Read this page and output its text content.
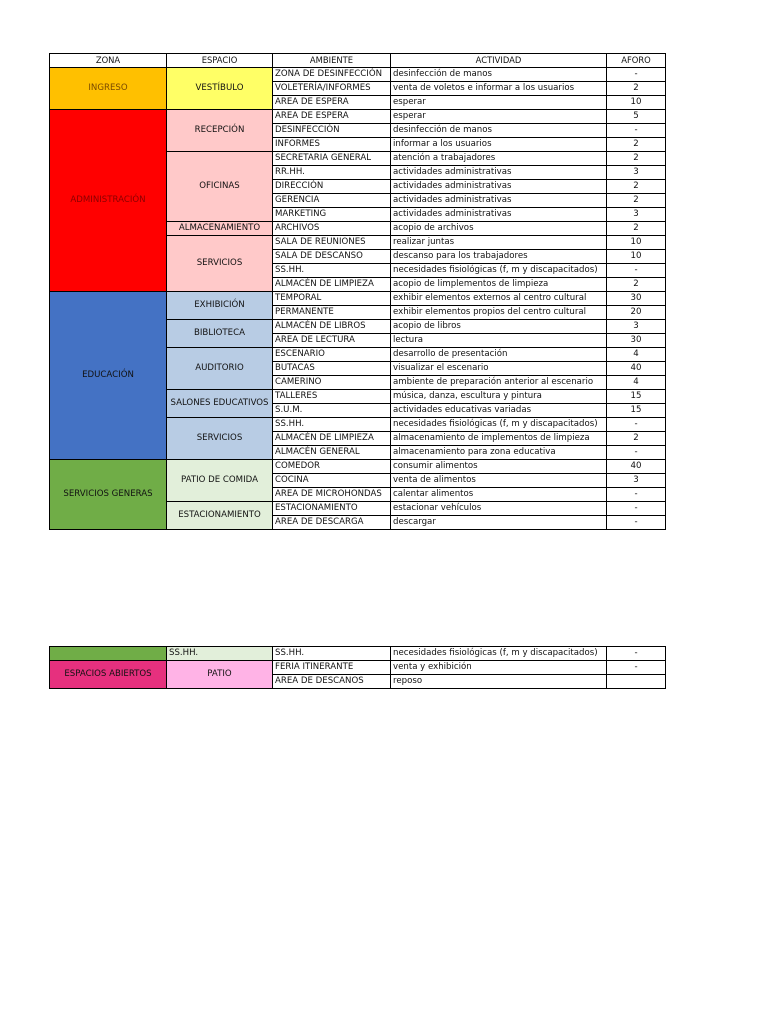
ZONA	ESPACIO	AMBIENTE	ACTIVIDAD	AFORO
INGRESO	VESTÍBULO	ZONA DE DESINFECCIÓN	desinfección de manos	-
		VOLETERÍA/INFORMES	venta de voletos e informar a los usuarios	2
		AREA DE ESPERA	esperar	10
ADMINISTRACIÓN	RECEPCIÓN	AREA DE ESPERA	esperar	5
		DESINFECCIÓN	desinfección de manos	-
		INFORMES	informar a los usuarios	2
	OFICINAS	SECRETARIA GENERAL	atención a trabajadores	2
		RR.HH.	actividades administrativas	3
		DIRECCIÓN	actividades administrativas	2
		GERENCIA	actividades administrativas	2
		MARKETING	actividades administrativas	3
	ALMACENAMIENTO	ARCHIVOS	acopio de archivos	2
	SERVICIOS	SALA DE REUNIONES	realizar juntas	10
		SALA DE DESCANSO	descanso para los trabajadores	10
		SS.HH.	necesidades fisiológicas (f, m y discapacitados)	-
		ALMACÉN DE LIMPIEZA	acopio de limplementos de limpieza	2
EDUCACIÓN	EXHIBICIÓN	TEMPORAL	exhibir elementos externos al centro cultural	30
		PERMANENTE	exhibir elementos propios del centro cultural	20
	BIBLIOTECA	ALMACÉN DE LIBROS	acopio de libros	3
		AREA DE LECTURA	lectura	30
	AUDITORIO	ESCENARIO	desarrollo de presentación	4
		BUTACAS	visualizar el escenario	40
		CAMERINO	ambiente de preparación anterior al escenario	4
	SALONES EDUCATIVOS	TALLERES	música, danza, escultura y pintura	15
		S.U.M.	actividades educativas variadas	15
	SERVICIOS	SS.HH.	necesidades fisiológicas (f, m y discapacitados)	-
		ALMACÉN DE LIMPIEZA	almacenamiento de implementos de limpieza	2
		ALMACÉN GENERAL	almacenamiento para zona educativa	-
SERVICIOS GENERAS	PATIO DE COMIDA	COMEDOR	consumir alimentos	40
		COCINA	venta de alimentos	3
		AREA DE MICROHONDAS	calentar alimentos	-
	ESTACIONAMIENTO	ESTACIONAMIENTO	estacionar vehículos	-
		AREA DE DESCARGA	descargar	-
	SS.HH.	SS.HH.	necesidades fisiológicas (f, m y discapacitados)	-
ESPACIOS ABIERTOS	PATIO	FERIA ITINERANTE	venta y exhibición	-
		AREA DE DESCANOS	reposo	
